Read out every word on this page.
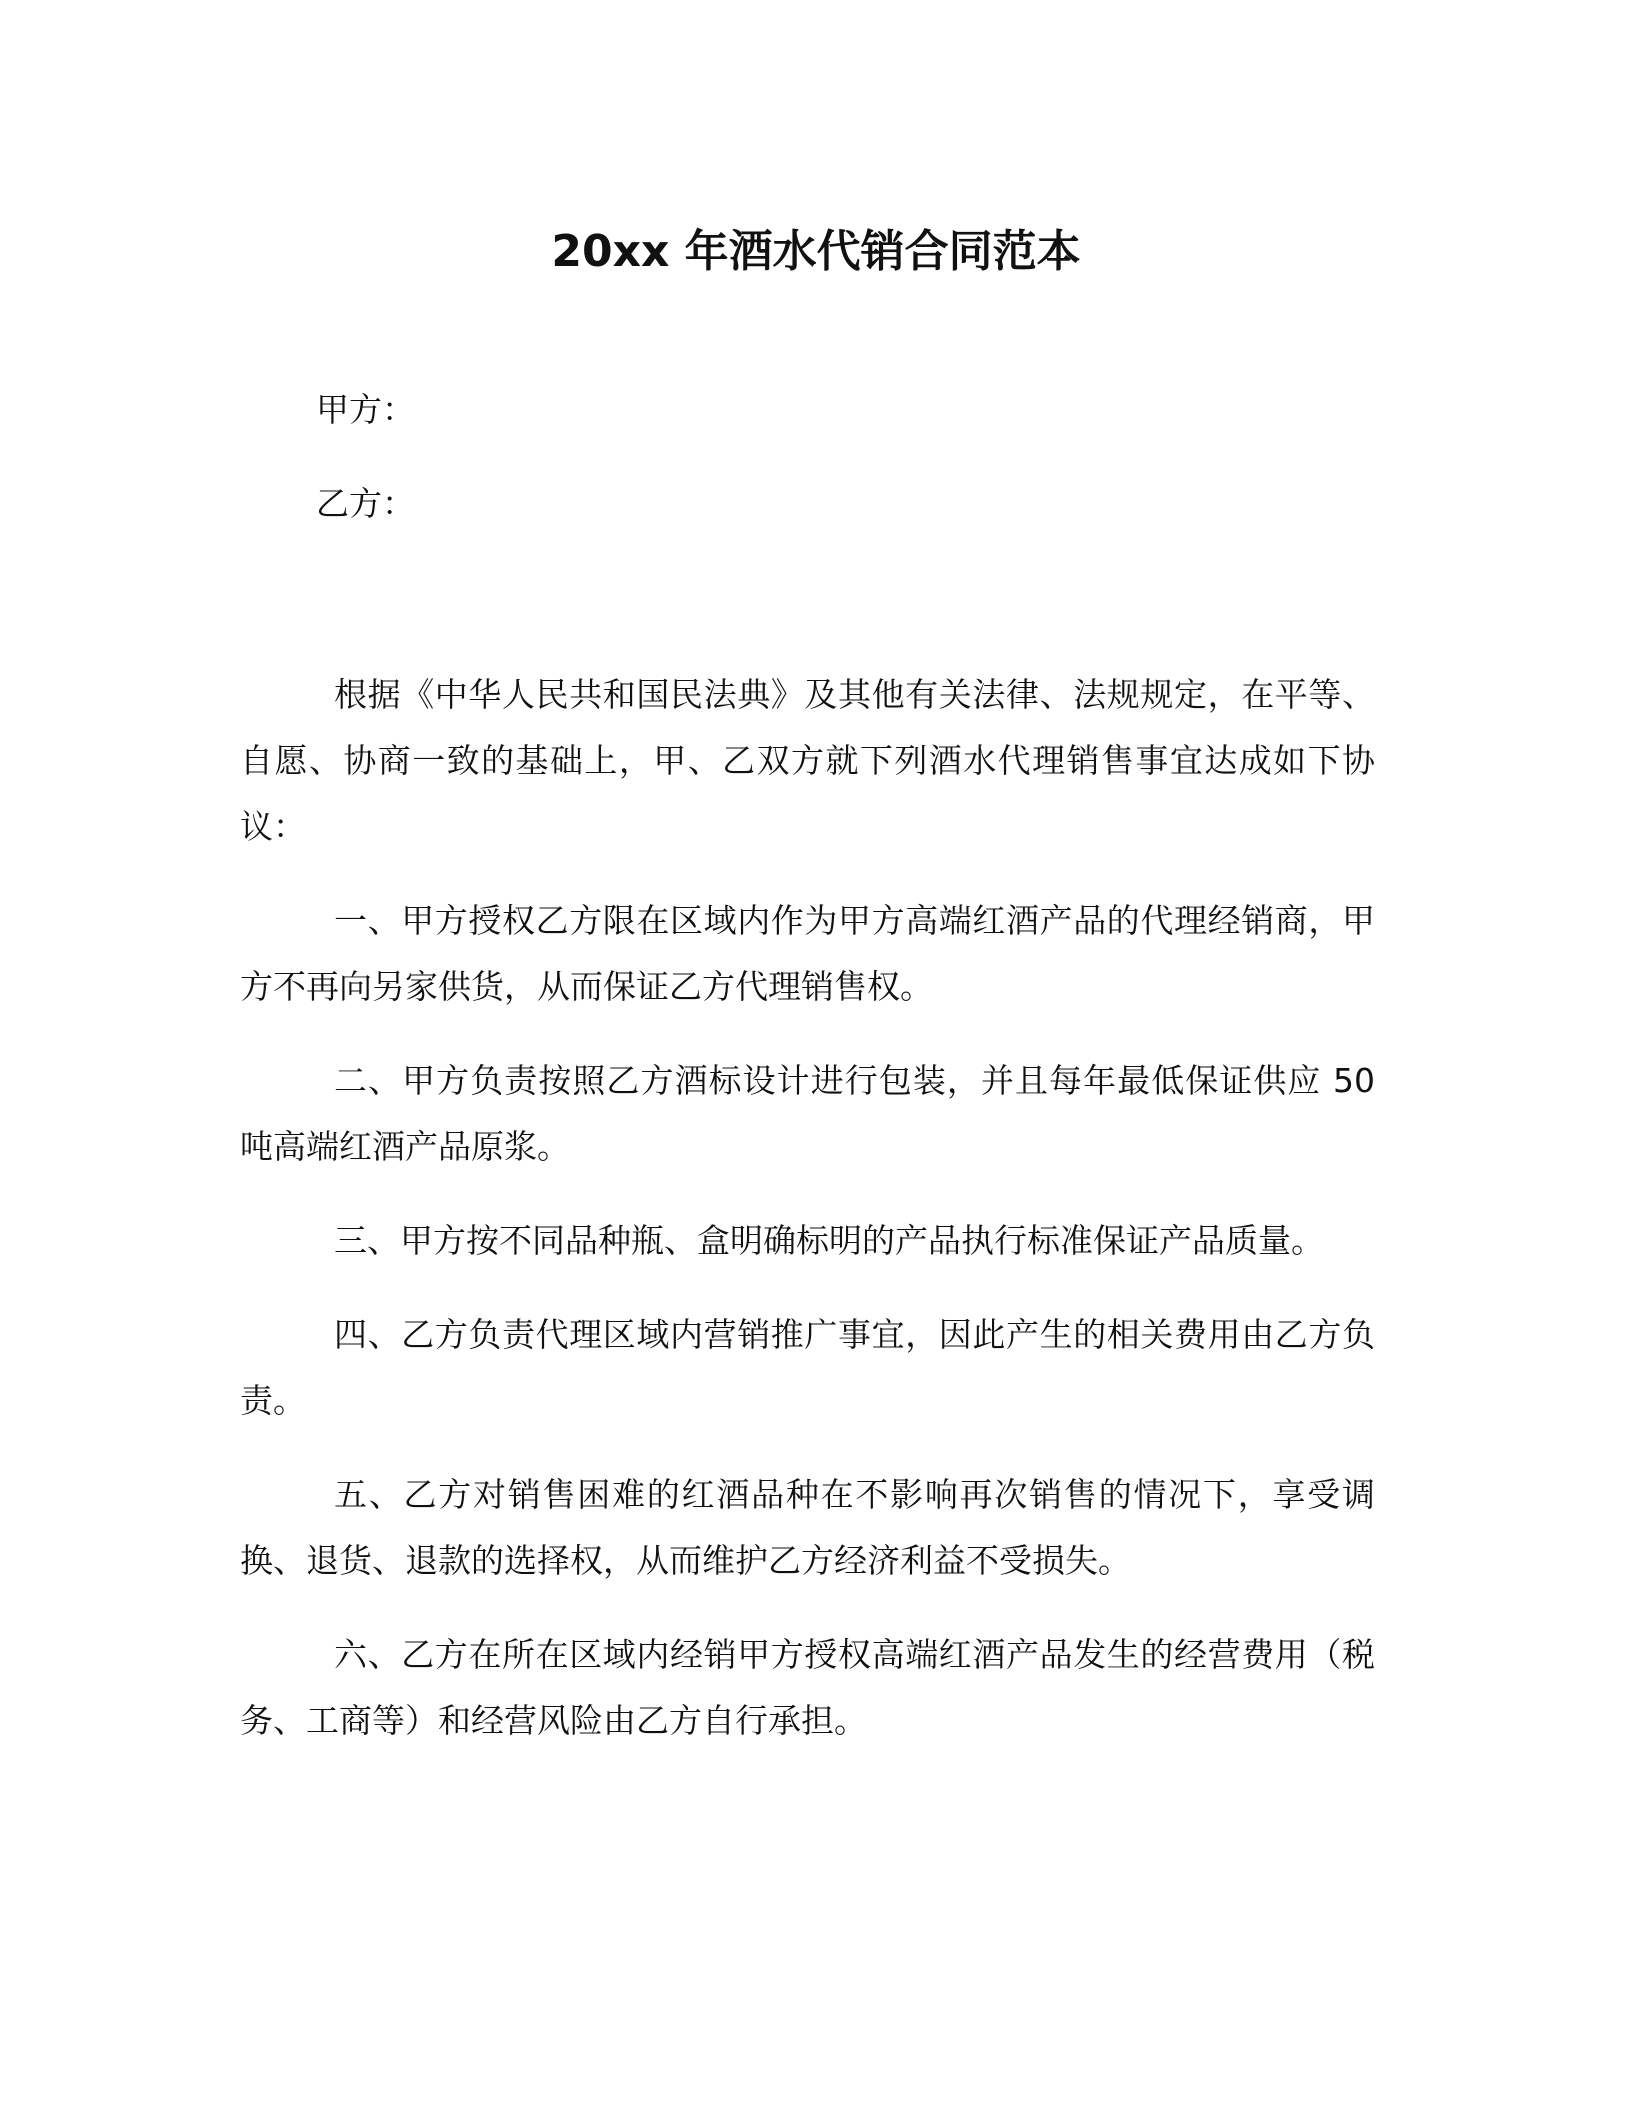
20xx 年酒水代销合同范本
甲方：
乙方：

根据《中华人民共和国民法典》及其他有关法律、法规规定，在平等、自愿、协商一致的基础上，甲、乙双方就下列酒水代理销售事宜达成如下协议：

一、甲方授权乙方限在区域内作为甲方高端红酒产品的代理经销商，甲方不再向另家供货，从而保证乙方代理销售权。

二、甲方负责按照乙方酒标设计进行包装，并且每年最低保证供应 50 吨高端红酒产品原浆。

三、甲方按不同品种瓶、盒明确标明的产品执行标准保证产品质量。

四、乙方负责代理区域内营销推广事宜，因此产生的相关费用由乙方负责。

五、乙方对销售困难的红酒品种在不影响再次销售的情况下，享受调换、退货、退款的选择权，从而维护乙方经济利益不受损失。

六、乙方在所在区域内经销甲方授权高端红酒产品发生的经营费用（税务、工商等）和经营风险由乙方自行承担。
